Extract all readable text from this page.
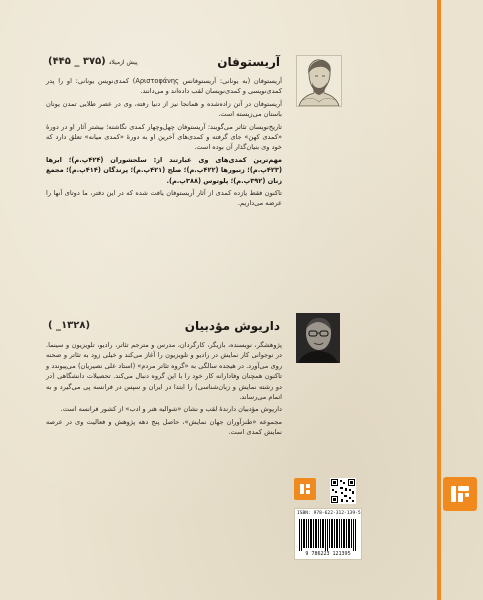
آریستوفان
پیش ازمیلاد(۳۷۵ _ ۴۴۵)

آریستوفان (به یونانی: آریستوفانس Aριστοφάνης) کمدی‌نویس یونانی: او را پدر کمدی‌نویسی و کمدی‌نویسان لقب داده‌اند و می‌دانند.

آریستوفان در آتن زاده‌شده و همانجا نیز از دنیا رفته، وی در عصر طلایی تمدن یونان باستان می‌زیسته است.

تاریخ‌نویسان تئاتر می‌گویند: آریستوفان چهل‌وچهار کمدی نگاشته؛ بیشتر آثار او در دورهٔ «کمدی کهن» جای گرفته و کمدی‌های آخرین او به دورهٔ «کمدی میانه» تعلق دارد که خود وی بنیان‌گذار آن بوده است.

مهم‌ترین کمدی‌های وی عبارتند از: سلحشوران (۴۲۴پ.م)؛ ابرها (۴۲۳پ.م)؛ زنبورها (۴۲۲پ.م)؛ صلح (۴۲۱پ.م)؛ پرندگان (۴۱۴پ.م)؛ مجمع زنان (۳۹۲پ.م)؛ پلوتوس (۳۸۸پ.م).

تاکنون فقط یازده کمدی از آثار آریستوفان یافت شده که در این دفتر، ما دوتای آنها را عرضه می‌داریم.

داریوش مؤدبیان
(۱۳۲۸_ )

پژوهشگر، نویسنده، بازیگر، کارگردان، مدرس و مترجم تئاتر، رادیو، تلویزیون و سینما. در نوجوانی کار نمایش در رادیو و تلویزیون را آغاز می‌کند و خیلی زود به تئاتر و صحنه روی می‌آورد. در هیجده سالگی به «گروه تئاتر مردم» (استاد علی نصیریان) می‌پیوندد و تاکنون همچنان وفادارانه کار خود را با این گروه دنبال می‌کند. تحصیلات دانشگاهی (در دو رشته نمایش و زبان‌شناسی) را ابتدا در ایران و سپس در فرانسه پی می‌گیرد و به اتمام می‌رساند.

داریوش مؤدبیان دارندهٔ لقب و نشان «شوالیه هنر و ادب» از کشور فرانسه است.

مجموعه «طنزآوران جهان نمایش»، حاصل پنج دهه پژوهش و فعالیت وی در عرصه نمایش کمدی است.

ISBN: 978-622-312-139-5
9 786223 121395
